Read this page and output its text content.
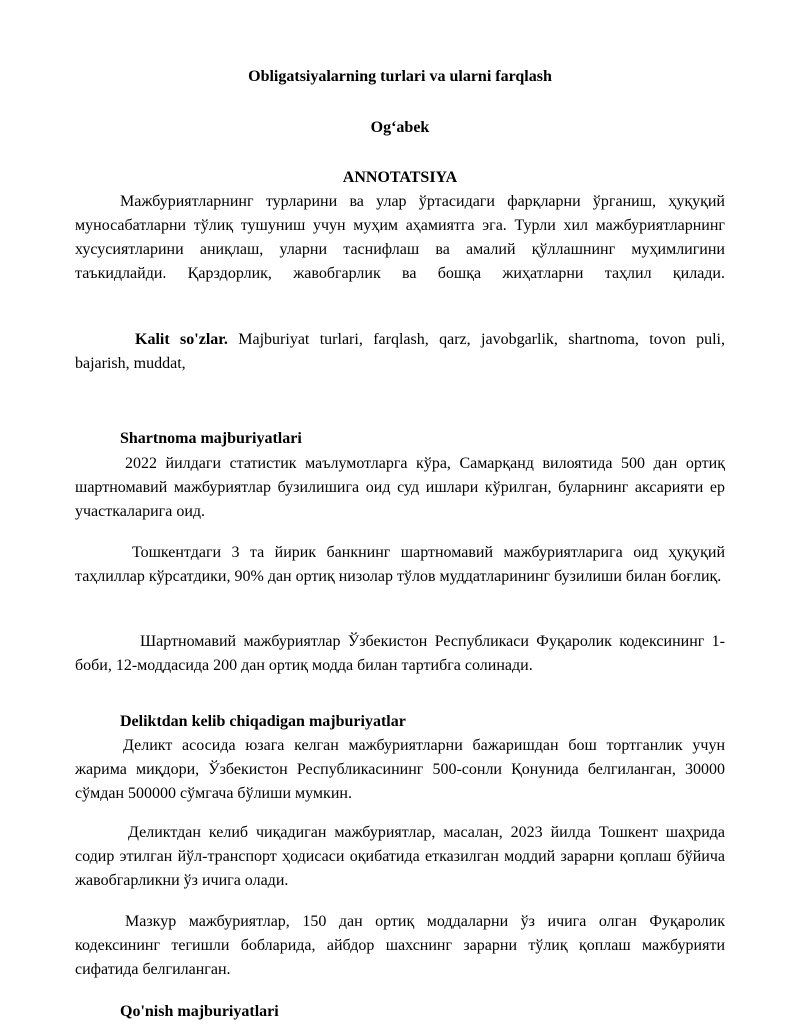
Obligatsiyalarning turlari va ularni farqlash

Og‘abek

ANNOTATSIYA

Мажбуриятларнинг турларини ва улар ўртасидаги фарқларни ўрганиш, ҳуқуқий муносабатларни тўлиқ тушуниш учун муҳим аҳамиятга эга. Турли хил мажбуриятларнинг хусусиятларини аниқлаш, уларни таснифлаш ва амалий қўллашнинг муҳимлигини таъкидлайди. Қарздорлик, жавобгарлик ва бошқа жиҳатларни таҳлил қилади.

Kalit so'zlar. Majburiyat turlari, farqlash, qarz, javobgarlik, shartnoma, tovon puli, bajarish, muddat,

Shartnoma majburiyatlari

2022 йилдаги статистик маълумотларга кўра, Самарқанд вилоятида 500 дан ортиқ шартномавий мажбуриятлар бузилишига оид суд ишлари кўрилган, буларнинг аксарияти ер участкаларига оид.

Тошкентдаги 3 та йирик банкнинг шартномавий мажбуриятларига оид ҳуқуқий таҳлиллар кўрсатдики, 90% дан ортиқ низолар тўлов муддатларининг бузилиши билан боғлиқ.

Шартномавий мажбуриятлар Ўзбекистон Республикаси Фуқаролик кодексининг 1-боби, 12-моддасида 200 дан ортиқ модда билан тартибга солинади.

Deliktdan kelib chiqadigan majburiyatlar

Деликт асосида юзага келган мажбуриятларни бажаришдан бош тортганлик учун жарима миқдори, Ўзбекистон Республикасининг 500-сонли Қонунида белгиланган, 30000 сўмдан 500000 сўмгача бўлиши мумкин.

Деликтдан келиб чиқадиган мажбуриятлар, масалан, 2023 йилда Тошкент шаҳрида содир этилган йўл-транспорт ҳодисаси оқибатида етказилган моддий зарарни қоплаш бўйича жавобгарликни ўз ичига олади.

Мазкур мажбуриятлар, 150 дан ортиқ моддаларни ўз ичига олган Фуқаролик кодексининг тегишли бобларида, айбдор шахснинг зарарни тўлиқ қоплаш мажбурияти сифатида белгиланган.

Qo'nish majburiyatlari
